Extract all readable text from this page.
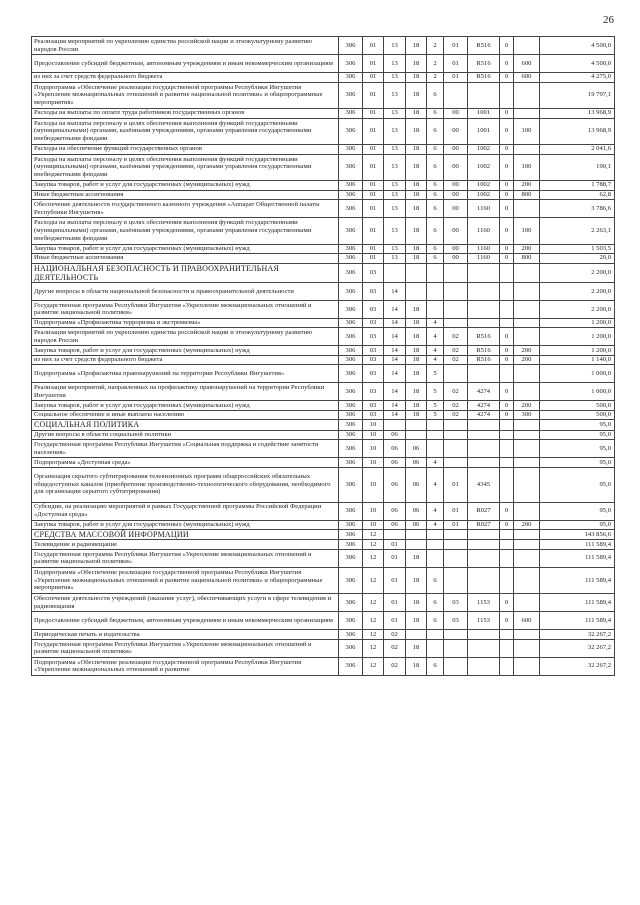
26
Реализация мероприятий по укреплению единства российской нации и этнокультурному развитию народов России	306	01	13	18	2	01	R516	0		4 500,0
Предоставление субсидий бюджетным, автономным учреждениям и иным некоммерческим организациям	306	01	13	18	2	01	R516	0	600	4 500,0
из них за счет средств федерального бюджета	306	01	13	18	2	01	R516	0	600	4 275,0
Подпрограмма «Обеспечение реализации государственной программы Республики Ингушетия «Укрепление межнациональных отношений и развитие национальной политики» и общепрограммные мероприятия»	306	01	13	18	6					19 797,1
Расходы на выплаты по оплате труда работников государственных органов	306	01	13	18	6	00	1001	0		13 968,9
Расходы на выплаты персоналу в целях обеспечения выполнения функций государственными (муниципальными) органами, казёнными учреждениями, органами управления государственными внебюджетными фондами	306	01	13	18	6	00	1001	0	100	13 968,9
Расходы на обеспечение функций государственных органов	306	01	13	18	6	00	1002	0		2 041,6
Расходы на выплаты персоналу в целях обеспечения выполнения функций государственными (муниципальными) органами, казёнными учреждениями, органами управления государственными внебюджетными фондами	306	01	13	18	6	00	1002	0	100	190,1
Закупка товаров, работ и услуг для государственных (муниципальных) нужд	306	01	13	18	6	00	1002	0	200	1 788,7
Иные бюджетные ассигнования	306	01	13	18	6	00	1002	0	800	62,8
Обеспечение деятельности государственного казенного учреждения «Аппарат Общественной палаты Республики Ингушетия»	306	01	13	18	6	00	1160	0		3 786,6
Расходы на выплаты персоналу в целях обеспечения выполнения функций государственными (муниципальными) органами, казёнными учреждениями, органами управления государственными внебюджетными фондами	306	01	13	18	6	00	1160	0	100	2 263,1
Закупка товаров, работ и услуг для государственных (муниципальных) нужд	306	01	13	18	6	00	1160	0	200	1 503,5
Иные бюджетные ассигнования	306	01	13	18	6	00	1160	0	800	20,0
НАЦИОНАЛЬНАЯ БЕЗОПАСНОСТЬ И ПРАВООХРАНИТЕЛЬНАЯ ДЕЯТЕЛЬНОСТЬ	306	03								2 200,0
Другие вопросы в области национальной безопасности и правоохранительной деятельности	306	03	14							2 200,0
Государственная программа Республики Ингушетия «Укрепление межнациональных отношений и развитие национальной политики»	306	03	14	18						2 200,0
Подпрограмма «Профилактика терроризма и экстремизма»	306	03	14	18	4					1 200,0
Реализация мероприятий по укреплению единства российской нации и этнокультурному развитию народов России	306	03	14	18	4	02	R516	0		1 200,0
Закупка товаров, работ и услуг для государственных (муниципальных) нужд	306	03	14	18	4	02	R516	0	200	1 200,0
из них за счет средств федерального бюджета	306	03	14	18	4	02	R516	0	200	1 140,0
Подпрограмма «Профилактика правонарушений на территории Республики Ингушетия»	306	03	14	18	5					1 000,0
Реализация мероприятий, направленных на профилактику правонарушений на территории Республики Ингушетия	306	03	14	18	5	02	4274	0		1 000,0
Закупка товаров, работ и услуг для государственных (муниципальных) нужд	306	03	14	18	5	02	4274	0	200	500,0
Социальное обеспечение и иные выплаты населению	306	03	14	18	5	02	4274	0	300	500,0
СОЦИАЛЬНАЯ ПОЛИТИКА	306	10								95,0
Другие вопросы в области социальной политики	306	10	06							95,0
Государственная программа Республики Ингушетия «Социальная поддержка и содействие занятости населения»	306	10	06	06						95,0
Подпрограмма «Доступная среда»	306	10	06	06	4					95,0
Организация скрытого субтитрирования телевизионных программ общероссийских обязательных общедоступных каналов (приобретение производственно-технологического оборудования, необходимого для организации скрытого субтитрирования)	306	10	06	06	4	01	4345			95,0
Субсидии, на реализацию мероприятий в рамках Государственной программы Российской Федерации «Доступная среда»	306	10	06	06	4	01	R027	0		95,0
Закупка товаров, работ и услуг для государственных (муниципальных) нужд	306	10	06	06	4	01	R027	0	200	95,0
СРЕДСТВА МАССОВОЙ ИНФОРМАЦИИ	306	12								143 856,6
Телевидение и радиовещание	306	12	01							111 589,4
Государственная программа Республики Ингушетия «Укрепление межнациональных отношений и развитие национальной политики»	306	12	01	18						111 589,4
Подпрограмма «Обеспечение реализации государственной программы Республики Ингушетия «Укрепление межнациональных отношений и развитие национальной политики» и общепрограммные мероприятия»	306	12	01	18	6					111 589,4
Обеспечение деятельности учреждений (оказание услуг), обеспечивающих услуги в сфере телевидения и радиовещания	306	12	01	18	6	03	1153	0		111 589,4
Предоставление субсидий бюджетным, автономным учреждениям и иным некоммерческим организациям	306	12	01	18	6	03	1153	0	600	111 589,4
Периодическая печать и издательства	306	12	02							32 267,2
Государственная программа Республики Ингушетия «Укрепление межнациональных отношений и развитие национальной политики»	306	12	02	18						32 267,2
Подпрограмма «Обеспечение реализации государственной программы Республики Ингушетия «Укрепление межнациональных отношений и развитие	306	12	02	18	6					32 267,2
